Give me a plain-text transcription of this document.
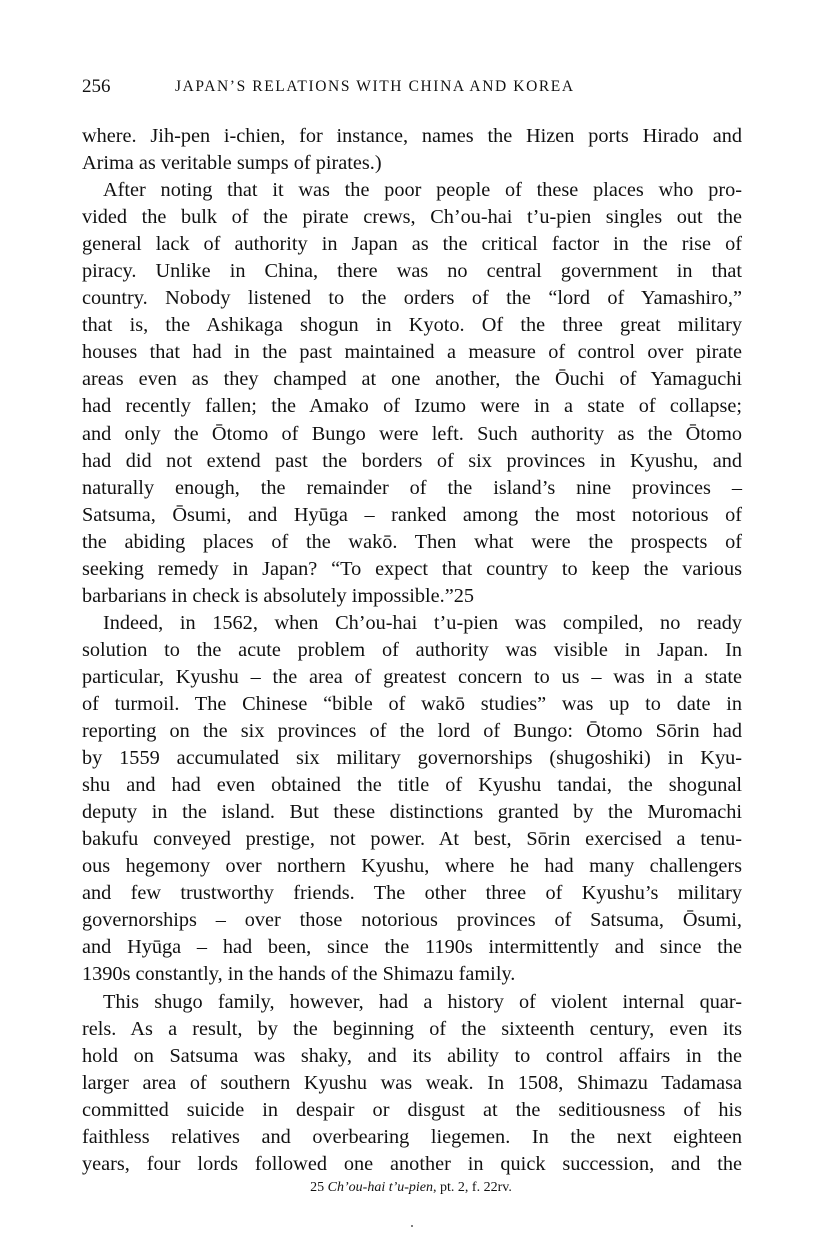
256	JAPAN’S RELATIONS WITH CHINA AND KOREA
where. Jih-pen i-chien, for instance, names the Hizen ports Hirado and
Arima as veritable sumps of pirates.)
After noting that it was the poor people of these places who pro-
vided the bulk of the pirate crews, Ch’ou-hai t’u-pien singles out the
general lack of authority in Japan as the critical factor in the rise of
piracy. Unlike in China, there was no central government in that
country. Nobody listened to the orders of the “lord of Yamashiro,”
that is, the Ashikaga shogun in Kyoto. Of the three great military
houses that had in the past maintained a measure of control over pirate
areas even as they champed at one another, the Ōuchi of Yamaguchi
had recently fallen; the Amako of Izumo were in a state of collapse;
and only the Ōtomo of Bungo were left. Such authority as the Ōtomo
had did not extend past the borders of six provinces in Kyushu, and
naturally enough, the remainder of the island’s nine provinces –
Satsuma, Ōsumi, and Hyūga – ranked among the most notorious of
the abiding places of the wakō. Then what were the prospects of
seeking remedy in Japan? “To expect that country to keep the various
barbarians in check is absolutely impossible.”25
Indeed, in 1562, when Ch’ou-hai t’u-pien was compiled, no ready
solution to the acute problem of authority was visible in Japan. In
particular, Kyushu – the area of greatest concern to us – was in a state
of turmoil. The Chinese “bible of wakō studies” was up to date in
reporting on the six provinces of the lord of Bungo: Ōtomo Sōrin had
by 1559 accumulated six military governorships (shugoshiki) in Kyu-
shu and had even obtained the title of Kyushu tandai, the shogunal
deputy in the island. But these distinctions granted by the Muromachi
bakufu conveyed prestige, not power. At best, Sōrin exercised a tenu-
ous hegemony over northern Kyushu, where he had many challengers
and few trustworthy friends. The other three of Kyushu’s military
governorships – over those notorious provinces of Satsuma, Ōsumi,
and Hyūga – had been, since the 1190s intermittently and since the
1390s constantly, in the hands of the Shimazu family.
This shugo family, however, had a history of violent internal quar-
rels. As a result, by the beginning of the sixteenth century, even its
hold on Satsuma was shaky, and its ability to control affairs in the
larger area of southern Kyushu was weak. In 1508, Shimazu Tadamasa
committed suicide in despair or disgust at the seditiousness of his
faithless relatives and overbearing liegemen. In the next eighteen
years, four lords followed one another in quick succession, and the
25 Ch’ou-hai t’u-pien, pt. 2, f. 22rv.
